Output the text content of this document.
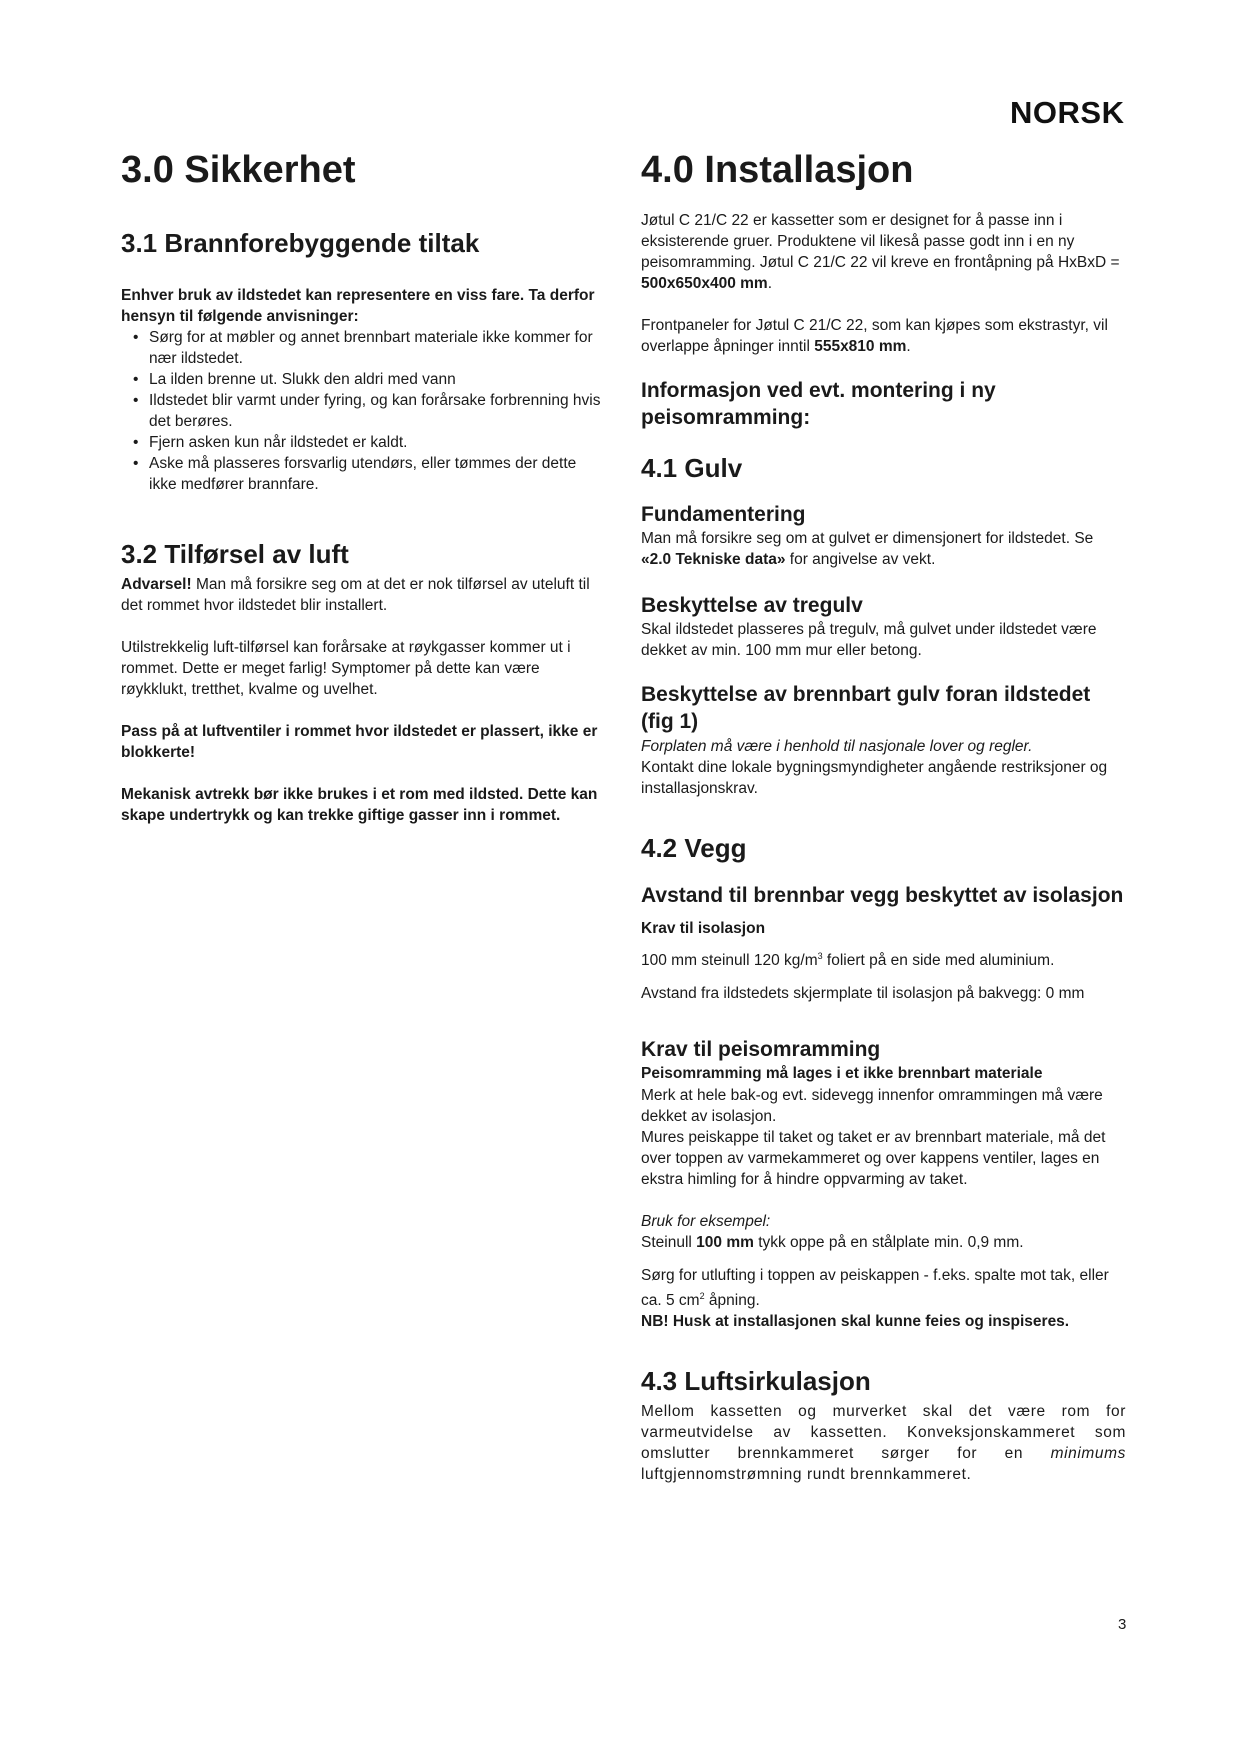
NORSK
3.0 Sikkerhet
3.1 Brannforebyggende tiltak

Enhver bruk av ildstedet kan representere en viss fare. Ta derfor hensyn til følgende anvisninger:

• Sørg for at møbler og annet brennbart materiale ikke kommer for nær ildstedet.
• La ilden brenne ut. Slukk den aldri med vann
• Ildstedet blir varmt under fyring, og kan forårsake forbrenning hvis det berøres.
• Fjern asken kun når ildstedet er kaldt.
• Aske må plasseres forsvarlig utendørs, eller tømmes der dette ikke medfører brannfare.
3.2 Tilførsel av luft

Advarsel! Man må forsikre seg om at det er nok tilførsel av uteluft til det rommet hvor ildstedet blir installert.

Utilstrekkelig luft-tilførsel kan forårsake at røykgasser kommer ut i rommet. Dette er meget farlig! Symptomer på dette kan være røykklukt, tretthet, kvalme og uvelhet.

Pass på at luftventiler i rommet hvor ildstedet er plassert, ikke er blokkerte!

Mekanisk avtrekk bør ikke brukes i et rom med ildsted. Dette kan skape undertrykk og kan trekke giftige gasser inn i rommet.

4.0 Installasjon

Jøtul C 21/C 22 er kassetter som er designet for å passe inn i eksisterende gruer. Produktene vil likeså passe godt inn i en ny peisomramming. Jøtul C 21/C 22 vil kreve en frontåpning på HxBxD = 500x650x400 mm.

Frontpaneler for Jøtul C 21/C 22, som kan kjøpes som ekstrastyr, vil overlappe åpninger inntil 555x810 mm.

Informasjon ved evt. montering i ny peisomramming:
4.1 Gulv
Fundamentering

Man må forsikre seg om at gulvet er dimensjonert for ildstedet. Se «2.0 Tekniske data» for angivelse av vekt.

Beskyttelse av tregulv

Skal ildstedet plasseres på tregulv, må gulvet under ildstedet være dekket av min. 100 mm mur eller betong.

Beskyttelse av brennbart gulv foran ildstedet (fig 1)

Forplaten må være i henhold til nasjonale lover og regler.

Kontakt dine lokale bygningsmyndigheter angående restriksjoner og installasjonskrav.

4.2 Vegg
Avstand til brennbar vegg beskyttet av isolasjon
Krav til isolasjon

100 mm steinull 120 $kg/m^3$ foliert på en side med aluminium.

Avstand fra ildstedets skjermplate til isolasjon på bakvegg: 0 mm

Krav til peisomramming
Peisomramming må lages i et ikke brennbart materiale

Merk at hele bak-og evt. sidevegg innenfor omrammingen må være dekket av isolasjon.

Mures peiskappe til taket og taket er av brennbart materiale, må det over toppen av varmekammeret og over kappens ventiler, lages en ekstra himling for å hindre oppvarming av taket.

Bruk for eksempel:

Steinull 100 mm tykk oppe på en stålplate min. 0,9 mm.

Sørg for utlufting i toppen av peiskappen - f.eks. spalte mot tak, eller ca. 5 $cm^2$ åpning.

NB! Husk at installasjonen skal kunne feies og inspiseres.

4.3 Luftsirkulasjon

Mellom kassetten og murverket skal det være rom for varmeutvidelse av kassetten. Konveksjonskammeret som omslutter brennkammeret sørger for en minimums luftgjennomstrømning rundt brennkammeret.

3
